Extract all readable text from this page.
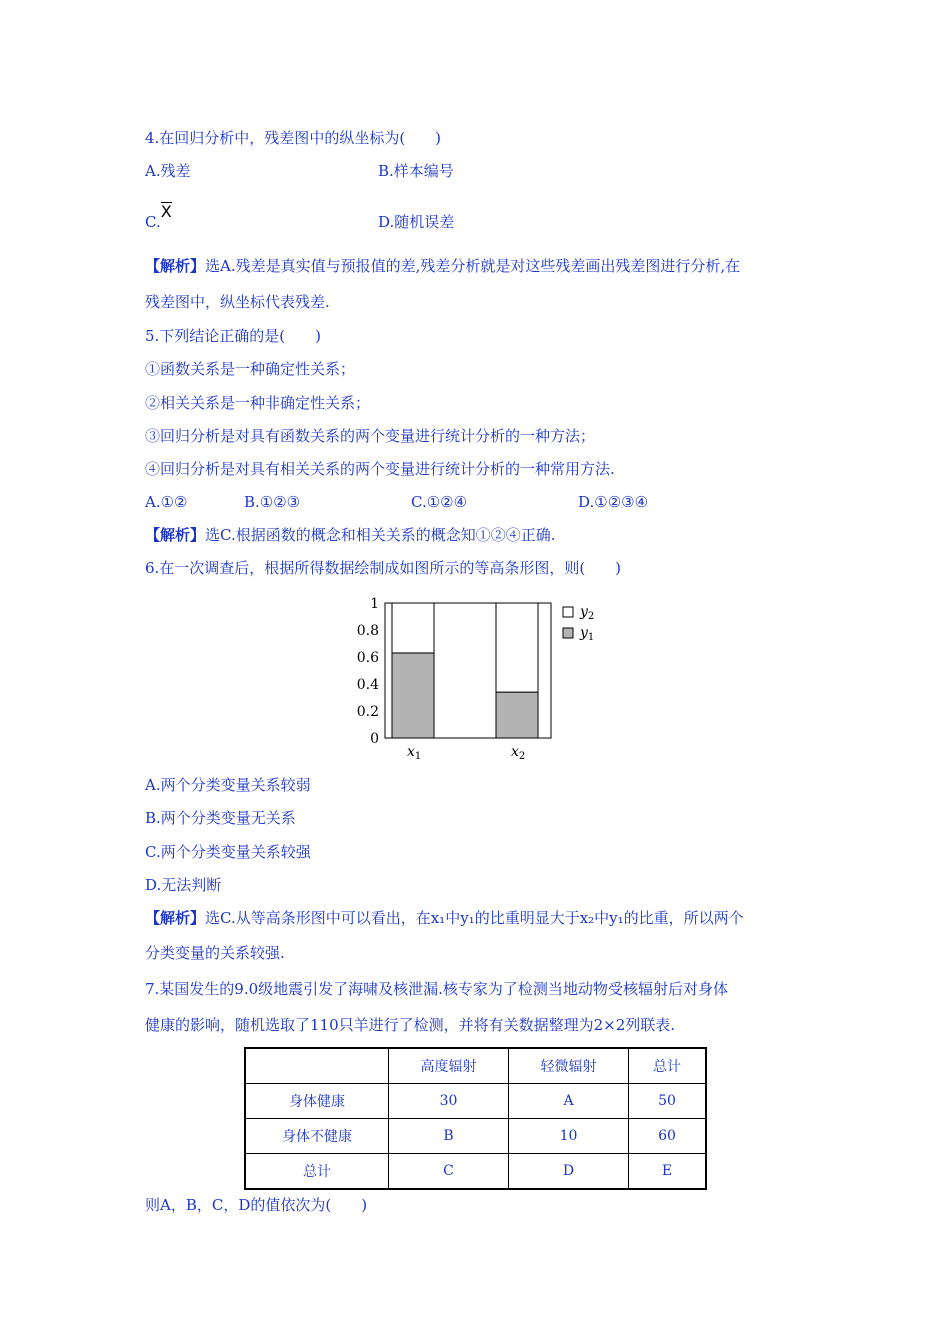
4.在回归分析中，残差图中的纵坐标为(　　)
A.残差	B.样本编号
C.X
D.随机误差
【解析】选A.残差是真实值与预报值的差,残差分析就是对这些残差画出残差图进行分析,在
残差图中，纵坐标代表残差.
5.下列结论正确的是(　　)
①函数关系是一种确定性关系；
②相关关系是一种非确定性关系；
③回归分析是对具有函数关系的两个变量进行统计分析的一种方法；
④回归分析是对具有相关关系的两个变量进行统计分析的一种常用方法.
A.①②	B.①②③	C.①②④	D.①②③④
【解析】选C.根据函数的概念和相关关系的概念知①②④正确.
6.在一次调查后，根据所得数据绘制成如图所示的等高条形图，则(　　)
0
0.2
0.4
0.6
0.8
1
$x_1$	$x_2$
$y_2$
$y_1$
A.两个分类变量关系较弱
B.两个分类变量无关系
C.两个分类变量关系较强
D.无法判断
【解析】选C.从等高条形图中可以看出，在x₁中y₁的比重明显大于x₂中y₁的比重，所以两个
分类变量的关系较强.
7.某国发生的9.0级地震引发了海啸及核泄漏.核专家为了检测当地动物受核辐射后对身体
健康的影响，随机选取了110只羊进行了检测，并将有关数据整理为2×2列联表.
	高度辐射	轻微辐射	总计
身体健康	30	A	50
身体不健康	B	10	60
总计	C	D	E
则A，B，C，D的值依次为(　　)
